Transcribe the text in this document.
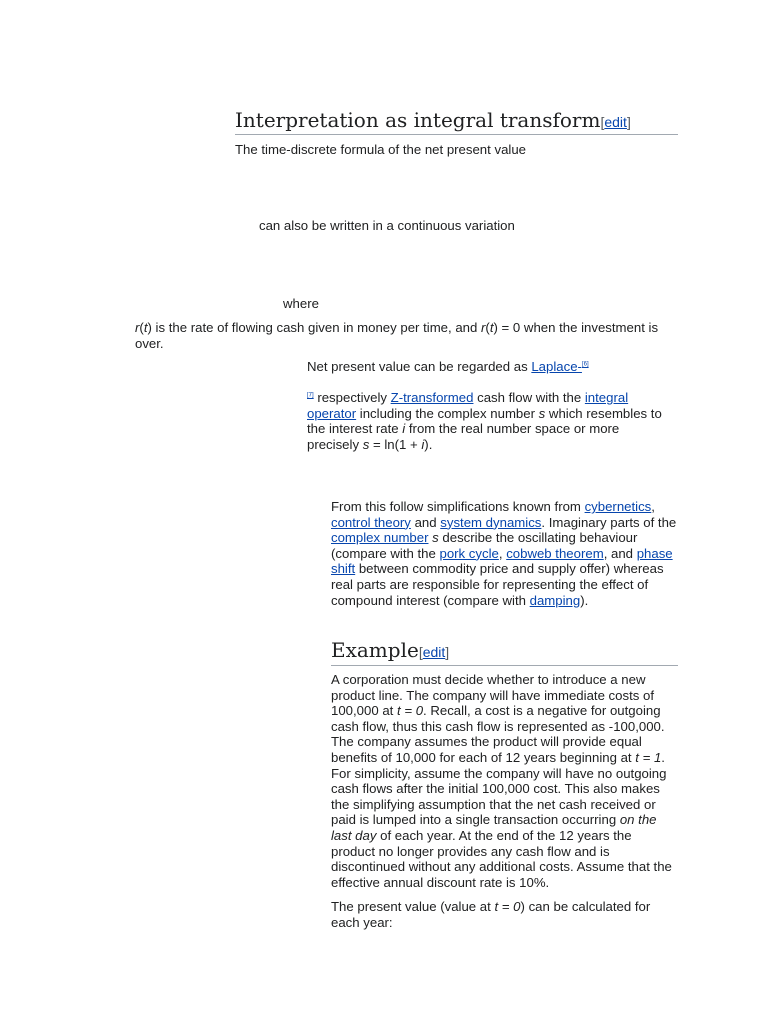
Interpretation as integral transform[edit]

The time-discrete formula of the net present value

can also be written in a continuous variation

where

r(t) is the rate of flowing cash given in money per time, and r(t) = 0 when the investment is over.

Net present value can be regarded as Laplace-[6]
[7] respectively Z-transformed cash flow with the integral operator including the complex number s which resembles to the interest rate i from the real number space or more precisely s = ln(1 + i).

From this follow simplifications known from cybernetics, control theory and system dynamics. Imaginary parts of the complex number s describe the oscillating behaviour (compare with the pork cycle, cobweb theorem, and phase shift between commodity price and supply offer) whereas real parts are responsible for representing the effect of compound interest (compare with damping).

Example[edit]

A corporation must decide whether to introduce a new product line. The company will have immediate costs of 100,000 at t = 0. Recall, a cost is a negative for outgoing cash flow, thus this cash flow is represented as -100,000. The company assumes the product will provide equal benefits of 10,000 for each of 12 years beginning at t = 1. For simplicity, assume the company will have no outgoing cash flows after the initial 100,000 cost. This also makes the simplifying assumption that the net cash received or paid is lumped into a single transaction occurring on the last day of each year. At the end of the 12 years the product no longer provides any cash flow and is discontinued without any additional costs. Assume that the effective annual discount rate is 10%.

The present value (value at t = 0) can be calculated for each year:
